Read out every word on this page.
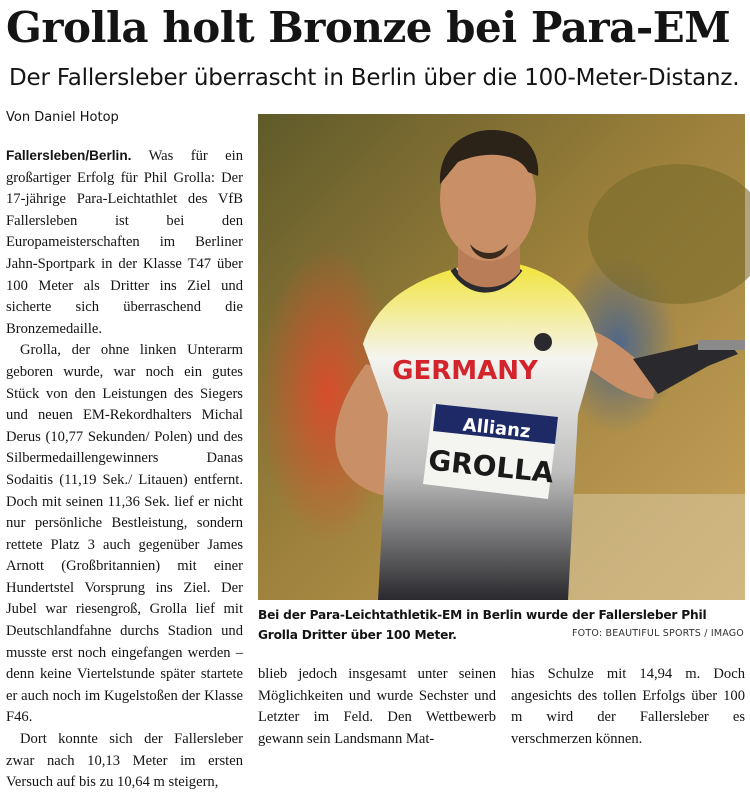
Grolla holt Bronze bei Para-EM
Der Fallersleber überrascht in Berlin über die 100-Meter-Distanz.
Von Daniel Hotop

Fallersleben/Berlin. Was für ein großartiger Erfolg für Phil Grolla: Der 17-jährige Para-Leichtathlet des VfB Fallersleben ist bei den Europameisterschaften im Berliner Jahn-Sportpark in der Klasse T47 über 100 Meter als Dritter ins Ziel und sicherte sich überraschend die Bronzemedaille.

Grolla, der ohne linken Unterarm geboren wurde, war noch ein gutes Stück von den Leistungen des Siegers und neuen EM-Rekordhalters Michal Derus (10,77 Sekunden/ Polen) und des Silbermedaillengewinners Danas Sodaitis (11,19 Sek./ Litauen) entfernt. Doch mit seinen 11,36 Sek. lief er nicht nur persönliche Bestleistung, sondern rettete Platz 3 auch gegenüber James Arnott (Großbritannien) mit einer Hundertstel Vorsprung ins Ziel. Der Jubel war riesengroß, Grolla lief mit Deutschlandfahne durchs Stadion und musste erst noch eingefangen werden – denn keine Viertelstunde später startete er auch noch im Kugelstoßen der Klasse F46.

Dort konnte sich der Fallersleber zwar nach 10,13 Meter im ersten Versuch auf bis zu 10,64 m steigern,

GERMANY
Allianz
GROLLA
Bei der Para-Leichtathletik-EM in Berlin wurde der Fallersleber Phil Grolla Dritter über 100 Meter.	FOTO: BEAUTIFUL SPORTS / IMAGO

blieb jedoch insgesamt unter seinen Möglichkeiten und wurde Sechster und Letzter im Feld. Den Wettbewerb gewann sein Landsmann Mat-

hias Schulze mit 14,94 m. Doch angesichts des tollen Erfolgs über 100 m wird der Fallersleber es verschmerzen können.
